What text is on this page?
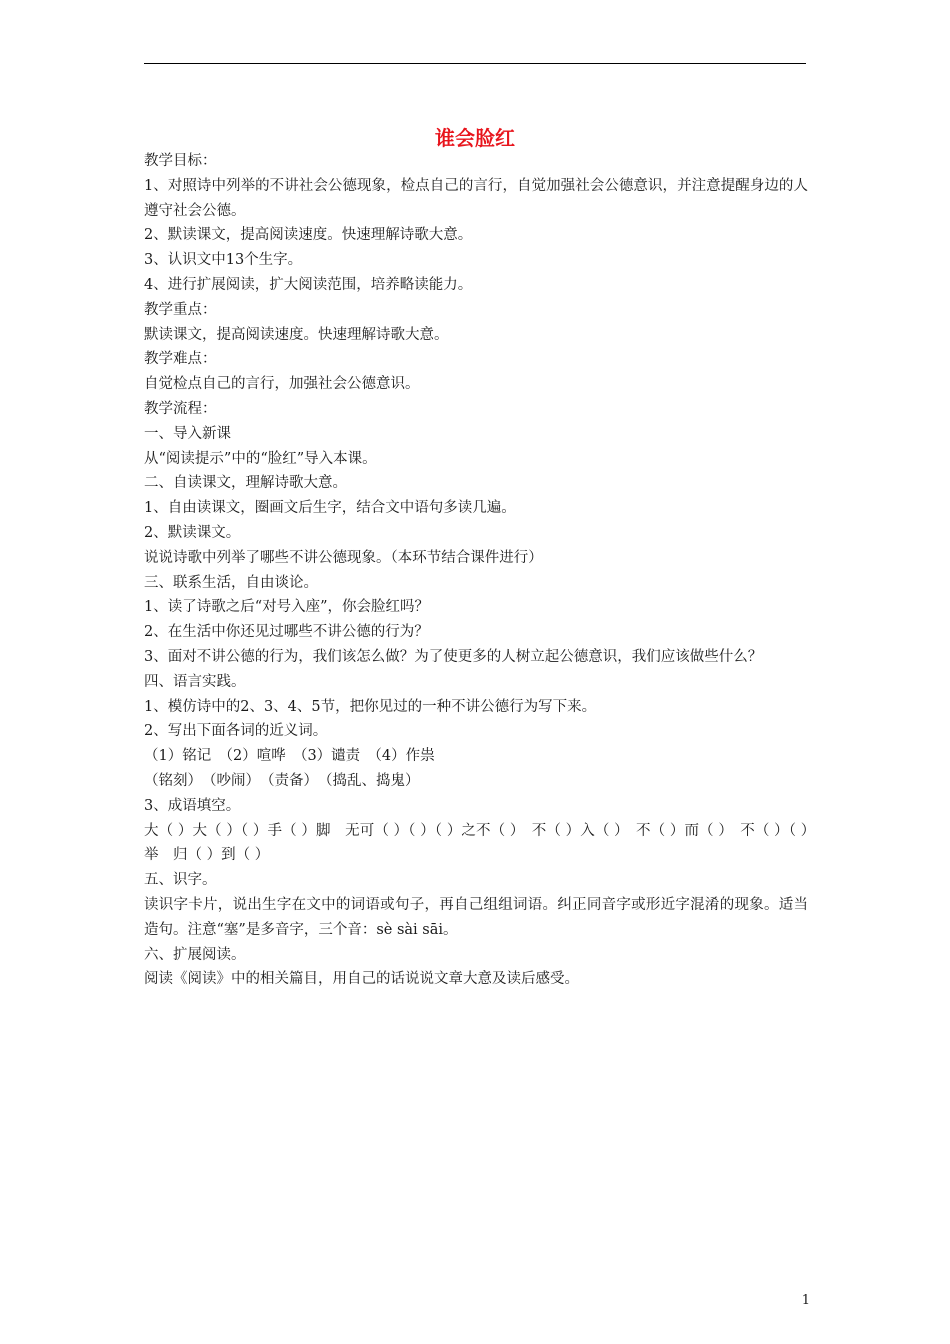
谁会脸红
教学目标：
1、对照诗中列举的不讲社会公德现象，检点自己的言行，自觉加强社会公德意识，并注意提醒身边的人遵守社会公德。
2、默读课文，提高阅读速度。快速理解诗歌大意。
3、认识文中13个生字。
4、进行扩展阅读，扩大阅读范围，培养略读能力。
教学重点：
默读课文，提高阅读速度。快速理解诗歌大意。
教学难点：
自觉检点自己的言行，加强社会公德意识。
教学流程：
一、导入新课
从“阅读提示”中的“脸红”导入本课。
二、自读课文，理解诗歌大意。
1、自由读课文，圈画文后生字，结合文中语句多读几遍。
2、默读课文。
说说诗歌中列举了哪些不讲公德现象。（本环节结合课件进行）
三、联系生活，自由谈论。
1、读了诗歌之后“对号入座”，你会脸红吗？
2、在生活中你还见过哪些不讲公德的行为？
3、面对不讲公德的行为，我们该怎么做？为了使更多的人树立起公德意识，我们应该做些什么？
四、语言实践。
1、模仿诗中的2、3、4、5节，把你见过的一种不讲公德行为写下来。
2、写出下面各词的近义词。
（1）铭记　（2）喧哗　（3）谴责　（4）作祟
（铭刻）　（吵闹）　（责备）　（捣乱、捣鬼）
3、成语填空。
大（ ）大（ ）（ ）手（ ）脚　无可（ ）（ ）（ ）之不（ ）　不（ ）入（ ）　不（ ）而（ ）　不（ ）（ ）举　归（ ）到（ ）
五、识字。
读识字卡片，说出生字在文中的词语或句子，再自己组组词语。纠正同音字或形近字混淆的现象。适当造句。注意“塞”是多音字，三个音：sè sài sāi。
六、扩展阅读。
阅读《阅读》中的相关篇目，用自己的话说说文章大意及读后感受。
1
